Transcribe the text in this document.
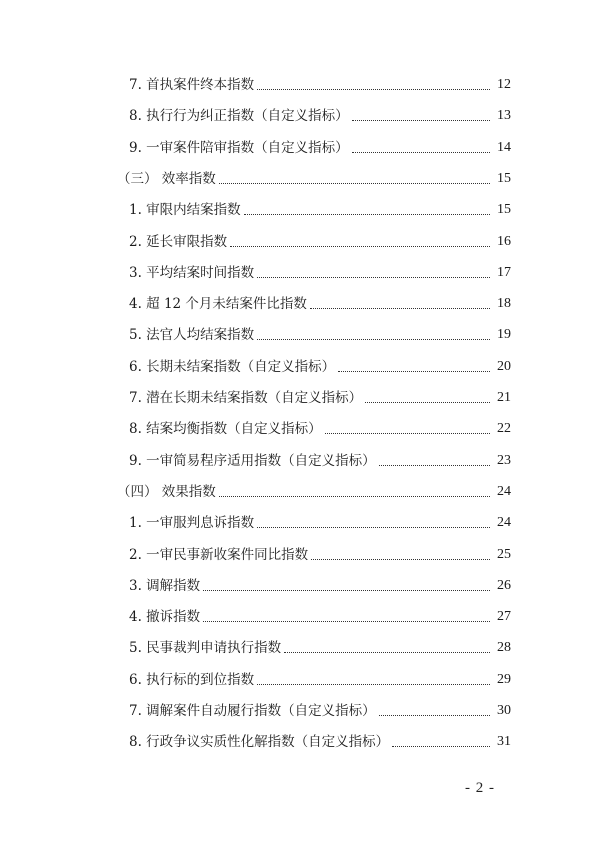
7. 首执案件终本指数	12
8. 执行行为纠正指数（自定义指标）	13
9. 一审案件陪审指数（自定义指标）	14
（三） 效率指数	15
1. 审限内结案指数	15
2. 延长审限指数	16
3. 平均结案时间指数	17
4. 超 12 个月未结案件比指数	18
5. 法官人均结案指数	19
6. 长期未结案指数（自定义指标）	20
7. 潜在长期未结案指数（自定义指标）	21
8. 结案均衡指数（自定义指标）	22
9. 一审简易程序适用指数（自定义指标）	23
（四） 效果指数	24
1. 一审服判息诉指数	24
2. 一审民事新收案件同比指数	25
3. 调解指数	26
4. 撤诉指数	27
5. 民事裁判申请执行指数	28
6. 执行标的到位指数	29
7. 调解案件自动履行指数（自定义指标）	30
8. 行政争议实质性化解指数（自定义指标）	31
- 2 -
